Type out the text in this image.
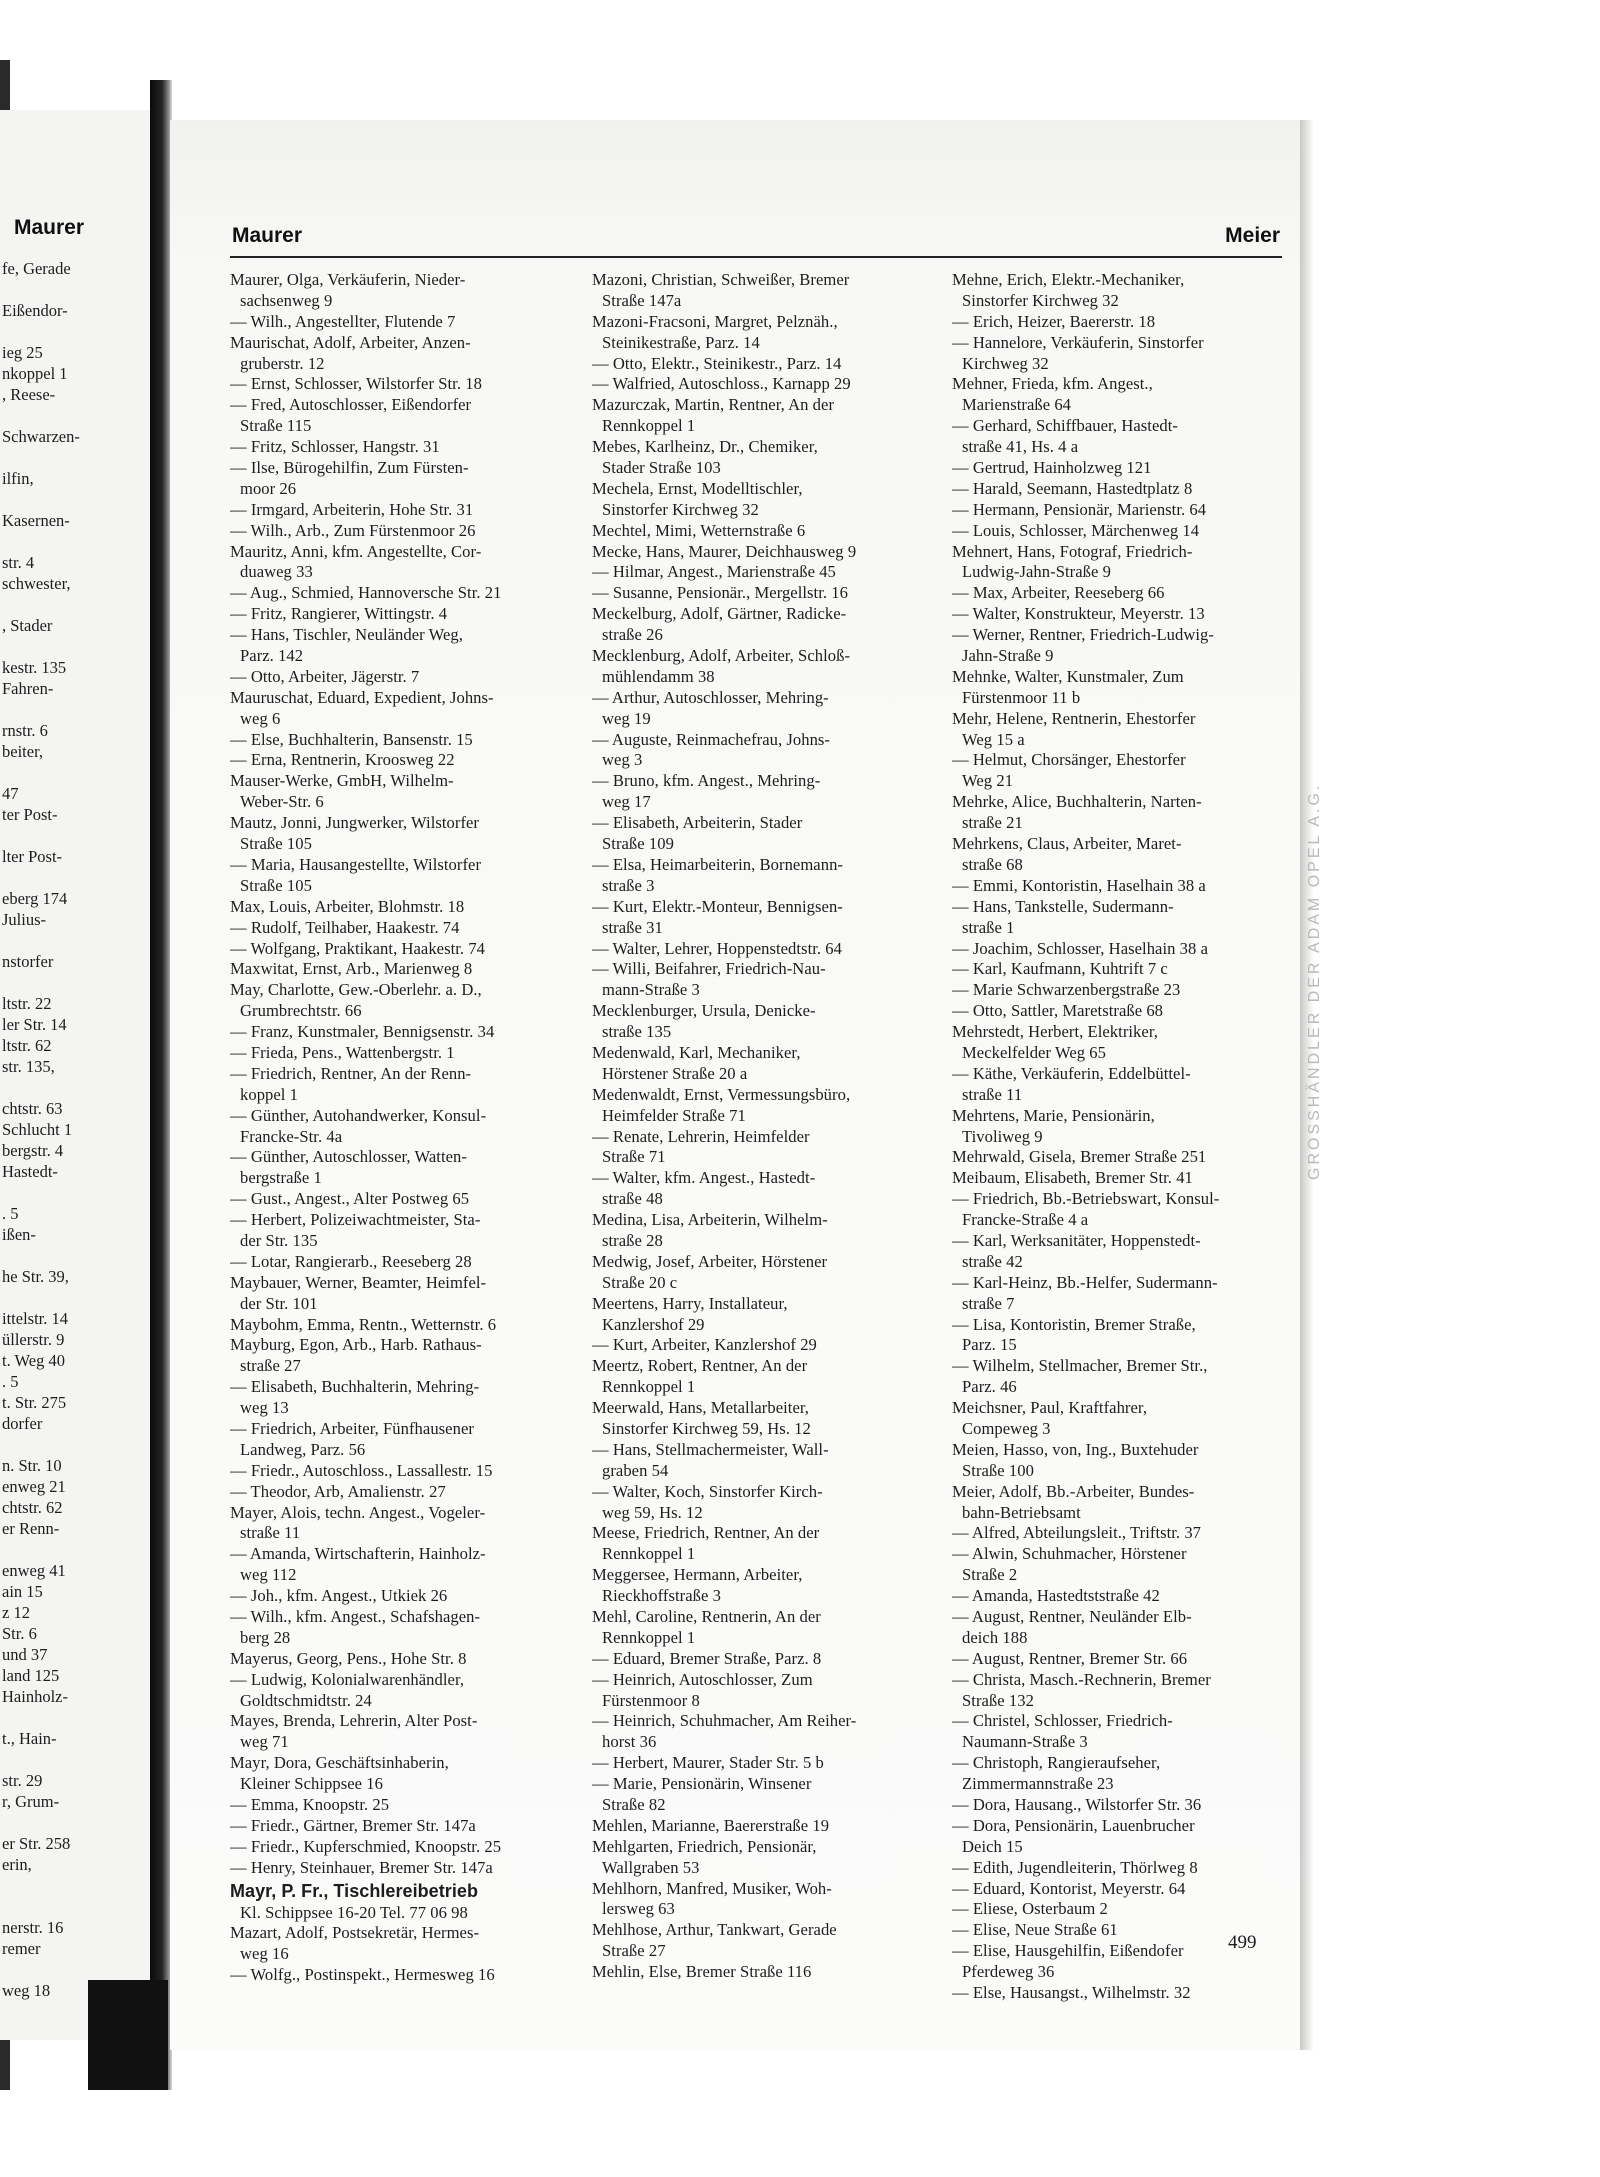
Maurer
fe, Gerade
Eißendor-
ieg 25
nkoppel 1
, Reese-
Schwarzen-
ilfin,
Kasernen-
str. 4
schwester,
, Stader
kestr. 135
Fahren-
rnstr. 6
beiter,
47
ter Post-
lter Post-
eberg 174
Julius-
nstorfer
ltstr. 22
ler Str. 14
ltstr. 62
str. 135,
chtstr. 63
Schlucht 1
bergstr. 4
Hastedt-
. 5
ißen-
he Str. 39,
ittelstr. 14
üllerstr. 9
t. Weg 40
. 5
t. Str. 275
dorfer
n. Str. 10
enweg 21
chtstr. 62
er Renn-
enweg 41
ain 15
z 12
Str. 6
und 37
land 125
Hainholz-
t., Hain-
str. 29
r, Grum-
er Str. 258
erin,
nerstr. 16
remer
weg 18
Maurer	Meier
Maurer, Olga, Verkäuferin, Nieder-
sachsenweg 9
— Wilh., Angestellter, Flutende 7
Maurischat, Adolf, Arbeiter, Anzen-
gruberstr. 12
— Ernst, Schlosser, Wilstorfer Str. 18
— Fred, Autoschlosser, Eißendorfer
Straße 115
— Fritz, Schlosser, Hangstr. 31
— Ilse, Bürogehilfin, Zum Fürsten-
moor 26
— Irmgard, Arbeiterin, Hohe Str. 31
— Wilh., Arb., Zum Fürstenmoor 26
Mauritz, Anni, kfm. Angestellte, Cor-
duaweg 33
— Aug., Schmied, Hannoversche Str. 21
— Fritz, Rangierer, Wittingstr. 4
— Hans, Tischler, Neuländer Weg,
Parz. 142
— Otto, Arbeiter, Jägerstr. 7
Mauruschat, Eduard, Expedient, Johns-
weg 6
— Else, Buchhalterin, Bansenstr. 15
— Erna, Rentnerin, Kroosweg 22
Mauser-Werke, GmbH, Wilhelm-
Weber-Str. 6
Mautz, Jonni, Jungwerker, Wilstorfer
Straße 105
— Maria, Hausangestellte, Wilstorfer
Straße 105
Max, Louis, Arbeiter, Blohmstr. 18
— Rudolf, Teilhaber, Haakestr. 74
— Wolfgang, Praktikant, Haakestr. 74
Maxwitat, Ernst, Arb., Marienweg 8
May, Charlotte, Gew.-Oberlehr. a. D.,
Grumbrechtstr. 66
— Franz, Kunstmaler, Bennigsenstr. 34
— Frieda, Pens., Wattenbergstr. 1
— Friedrich, Rentner, An der Renn-
koppel 1
— Günther, Autohandwerker, Konsul-
Francke-Str. 4a
— Günther, Autoschlosser, Watten-
bergstraße 1
— Gust., Angest., Alter Postweg 65
— Herbert, Polizeiwachtmeister, Sta-
der Str. 135
— Lotar, Rangierarb., Reeseberg 28
Maybauer, Werner, Beamter, Heimfel-
der Str. 101
Maybohm, Emma, Rentn., Wetternstr. 6
Mayburg, Egon, Arb., Harb. Rathaus-
straße 27
— Elisabeth, Buchhalterin, Mehring-
weg 13
— Friedrich, Arbeiter, Fünfhausener
Landweg, Parz. 56
— Friedr., Autoschloss., Lassallestr. 15
— Theodor, Arb, Amalienstr. 27
Mayer, Alois, techn. Angest., Vogeler-
straße 11
— Amanda, Wirtschafterin, Hainholz-
weg 112
— Joh., kfm. Angest., Utkiek 26
— Wilh., kfm. Angest., Schafshagen-
berg 28
Mayerus, Georg, Pens., Hohe Str. 8
— Ludwig, Kolonialwarenhändler,
Goldtschmidtstr. 24
Mayes, Brenda, Lehrerin, Alter Post-
weg 71
Mayr, Dora, Geschäftsinhaberin,
Kleiner Schippsee 16
— Emma, Knoopstr. 25
— Friedr., Gärtner, Bremer Str. 147a
— Friedr., Kupferschmied, Knoopstr. 25
— Henry, Steinhauer, Bremer Str. 147a
Mayr, P. Fr., Tischlereibetrieb
Kl. Schippsee 16-20 Tel. 77 06 98
Mazart, Adolf, Postsekretär, Hermes-
weg 16
— Wolfg., Postinspekt., Hermesweg 16
Mazoni, Christian, Schweißer, Bremer
Straße 147a
Mazoni-Fracsoni, Margret, Pelznäh.,
Steinikestraße, Parz. 14
— Otto, Elektr., Steinikestr., Parz. 14
— Walfried, Autoschloss., Karnapp 29
Mazurczak, Martin, Rentner, An der
Rennkoppel 1
Mebes, Karlheinz, Dr., Chemiker,
Stader Straße 103
Mechela, Ernst, Modelltischler,
Sinstorfer Kirchweg 32
Mechtel, Mimi, Wetternstraße 6
Mecke, Hans, Maurer, Deichhausweg 9
— Hilmar, Angest., Marienstraße 45
— Susanne, Pensionär., Mergellstr. 16
Meckelburg, Adolf, Gärtner, Radicke-
straße 26
Mecklenburg, Adolf, Arbeiter, Schloß-
mühlendamm 38
— Arthur, Autoschlosser, Mehring-
weg 19
— Auguste, Reinmachefrau, Johns-
weg 3
— Bruno, kfm. Angest., Mehring-
weg 17
— Elisabeth, Arbeiterin, Stader
Straße 109
— Elsa, Heimarbeiterin, Bornemann-
straße 3
— Kurt, Elektr.-Monteur, Bennigsen-
straße 31
— Walter, Lehrer, Hoppenstedtstr. 64
— Willi, Beifahrer, Friedrich-Nau-
mann-Straße 3
Mecklenburger, Ursula, Denicke-
straße 135
Medenwald, Karl, Mechaniker,
Hörstener Straße 20 a
Medenwaldt, Ernst, Vermessungsbüro,
Heimfelder Straße 71
— Renate, Lehrerin, Heimfelder
Straße 71
— Walter, kfm. Angest., Hastedt-
straße 48
Medina, Lisa, Arbeiterin, Wilhelm-
straße 28
Medwig, Josef, Arbeiter, Hörstener
Straße 20 c
Meertens, Harry, Installateur,
Kanzlershof 29
— Kurt, Arbeiter, Kanzlershof 29
Meertz, Robert, Rentner, An der
Rennkoppel 1
Meerwald, Hans, Metallarbeiter,
Sinstorfer Kirchweg 59, Hs. 12
— Hans, Stellmachermeister, Wall-
graben 54
— Walter, Koch, Sinstorfer Kirch-
weg 59, Hs. 12
Meese, Friedrich, Rentner, An der
Rennkoppel 1
Meggersee, Hermann, Arbeiter,
Rieckhoffstraße 3
Mehl, Caroline, Rentnerin, An der
Rennkoppel 1
— Eduard, Bremer Straße, Parz. 8
— Heinrich, Autoschlosser, Zum
Fürstenmoor 8
— Heinrich, Schuhmacher, Am Reiher-
horst 36
— Herbert, Maurer, Stader Str. 5 b
— Marie, Pensionärin, Winsener
Straße 82
Mehlen, Marianne, Baererstraße 19
Mehlgarten, Friedrich, Pensionär,
Wallgraben 53
Mehlhorn, Manfred, Musiker, Woh-
lersweg 63
Mehlhose, Arthur, Tankwart, Gerade
Straße 27
Mehlin, Else, Bremer Straße 116
Mehne, Erich, Elektr.-Mechaniker,
Sinstorfer Kirchweg 32
— Erich, Heizer, Baererstr. 18
— Hannelore, Verkäuferin, Sinstorfer
Kirchweg 32
Mehner, Frieda, kfm. Angest.,
Marienstraße 64
— Gerhard, Schiffbauer, Hastedt-
straße 41, Hs. 4 a
— Gertrud, Hainholzweg 121
— Harald, Seemann, Hastedtplatz 8
— Hermann, Pensionär, Marienstr. 64
— Louis, Schlosser, Märchenweg 14
Mehnert, Hans, Fotograf, Friedrich-
Ludwig-Jahn-Straße 9
— Max, Arbeiter, Reeseberg 66
— Walter, Konstrukteur, Meyerstr. 13
— Werner, Rentner, Friedrich-Ludwig-
Jahn-Straße 9
Mehnke, Walter, Kunstmaler, Zum
Fürstenmoor 11 b
Mehr, Helene, Rentnerin, Ehestorfer
Weg 15 a
— Helmut, Chorsänger, Ehestorfer
Weg 21
Mehrke, Alice, Buchhalterin, Narten-
straße 21
Mehrkens, Claus, Arbeiter, Maret-
straße 68
— Emmi, Kontoristin, Haselhain 38 a
— Hans, Tankstelle, Sudermann-
straße 1
— Joachim, Schlosser, Haselhain 38 a
— Karl, Kaufmann, Kuhtrift 7 c
— Marie Schwarzenbergstraße 23
— Otto, Sattler, Maretstraße 68
Mehrstedt, Herbert, Elektriker,
Meckelfelder Weg 65
— Käthe, Verkäuferin, Eddelbüttel-
straße 11
Mehrtens, Marie, Pensionärin,
Tivoliweg 9
Mehrwald, Gisela, Bremer Straße 251
Meibaum, Elisabeth, Bremer Str. 41
— Friedrich, Bb.-Betriebswart, Konsul-
Francke-Straße 4 a
— Karl, Werksanitäter, Hoppenstedt-
straße 42
— Karl-Heinz, Bb.-Helfer, Sudermann-
straße 7
— Lisa, Kontoristin, Bremer Straße,
Parz. 15
— Wilhelm, Stellmacher, Bremer Str.,
Parz. 46
Meichsner, Paul, Kraftfahrer,
Compeweg 3
Meien, Hasso, von, Ing., Buxtehuder
Straße 100
Meier, Adolf, Bb.-Arbeiter, Bundes-
bahn-Betriebsamt
— Alfred, Abteilungsleit., Triftstr. 37
— Alwin, Schuhmacher, Hörstener
Straße 2
— Amanda, Hastedtststraße 42
— August, Rentner, Neuländer Elb-
deich 188
— August, Rentner, Bremer Str. 66
— Christa, Masch.-Rechnerin, Bremer
Straße 132
— Christel, Schlosser, Friedrich-
Naumann-Straße 3
— Christoph, Rangieraufseher,
Zimmermannstraße 23
— Dora, Hausang., Wilstorfer Str. 36
— Dora, Pensionärin, Lauenbrucher
Deich 15
— Edith, Jugendleiterin, Thörlweg 8
— Eduard, Kontorist, Meyerstr. 64
— Eliese, Osterbaum 2
— Elise, Neue Straße 61
— Elise, Hausgehilfin, Eißendofer
Pferdeweg 36
— Else, Hausangst., Wilhelmstr. 32
499
GROSSHÄNDLER DER ADAM OPEL A.G.
